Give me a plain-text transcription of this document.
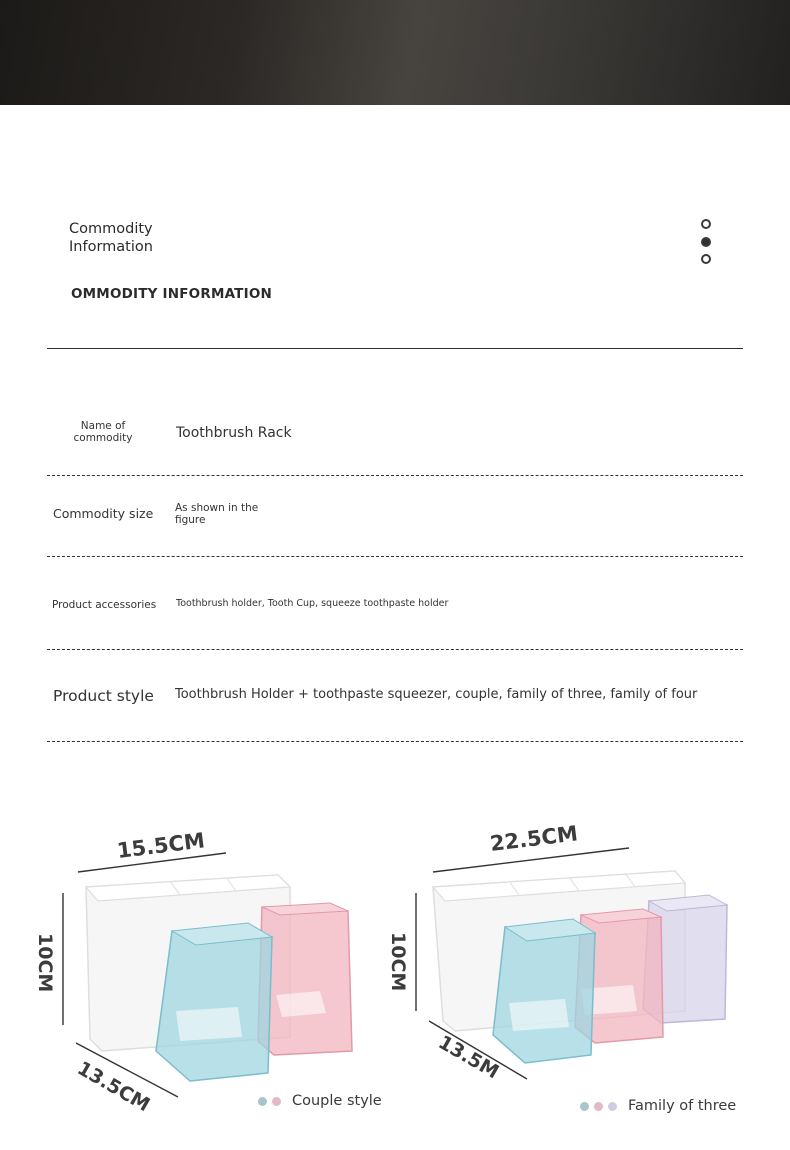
Commodity Information
OMMODITY INFORMATION
Name of commodity	Toothbrush Rack
Commodity size As shown in the figure
Product accessories Toothbrush holder, Tooth Cup, squeeze toothpaste holder
Product style Toothbrush Holder + toothpaste squeezer, couple, family of three, family of four
15.5CM
10CM
13.5CM	Couple style
22.5CM
10CM
13.5M
Family of three
